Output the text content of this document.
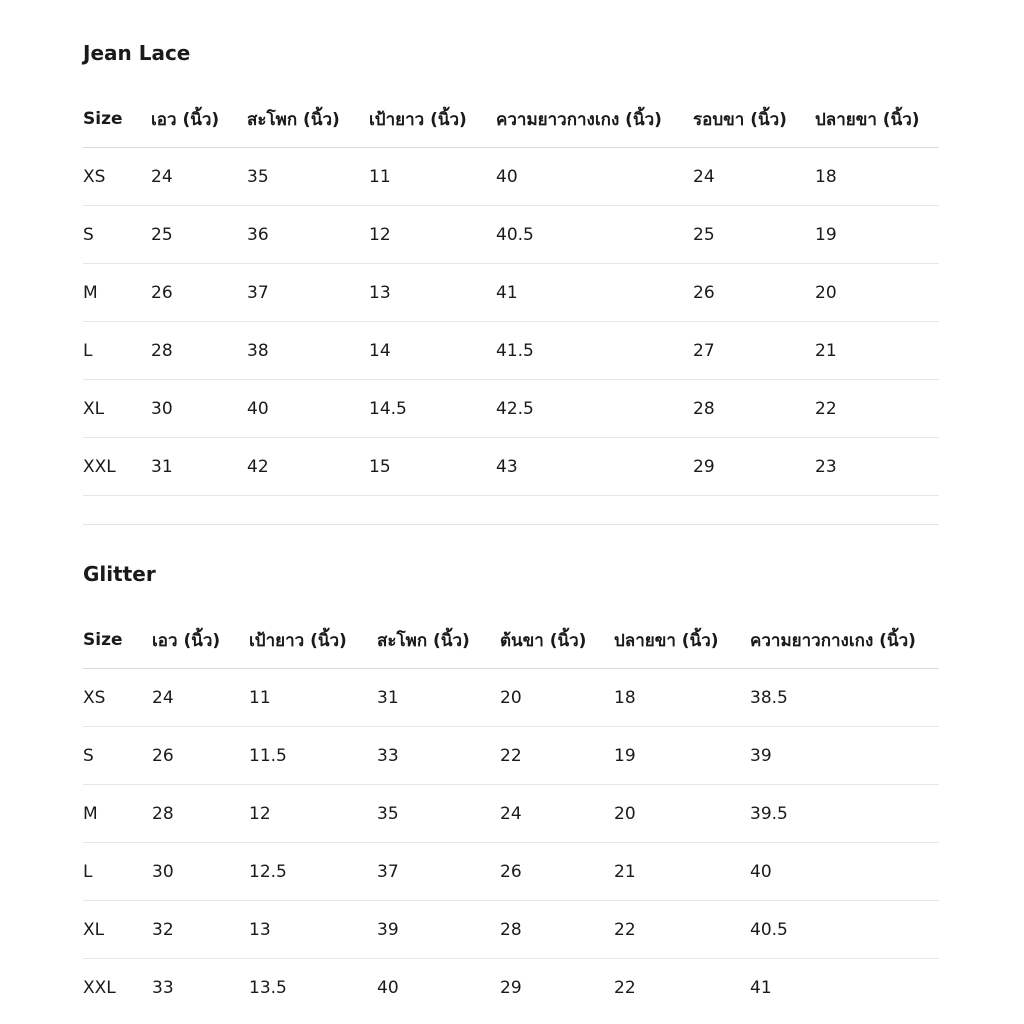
Jean Lace
Size	เอว (นิ้ว)	สะโพก (นิ้ว)	เป้ายาว (นิ้ว)	ความยาวกางเกง (นิ้ว)	รอบขา (นิ้ว)	ปลายขา (นิ้ว)
XS	24	35	11	40	24	18
S	25	36	12	40.5	25	19
M	26	37	13	41	26	20
L	28	38	14	41.5	27	21
XL	30	40	14.5	42.5	28	22
XXL	31	42	15	43	29	23
Glitter
Size	เอว (นิ้ว)	เป้ายาว (นิ้ว)	สะโพก (นิ้ว)	ต้นขา (นิ้ว)	ปลายขา (นิ้ว)	ความยาวกางเกง (นิ้ว)
XS	24	11	31	20	18	38.5
S	26	11.5	33	22	19	39
M	28	12	35	24	20	39.5
L	30	12.5	37	26	21	40
XL	32	13	39	28	22	40.5
XXL	33	13.5	40	29	22	41
